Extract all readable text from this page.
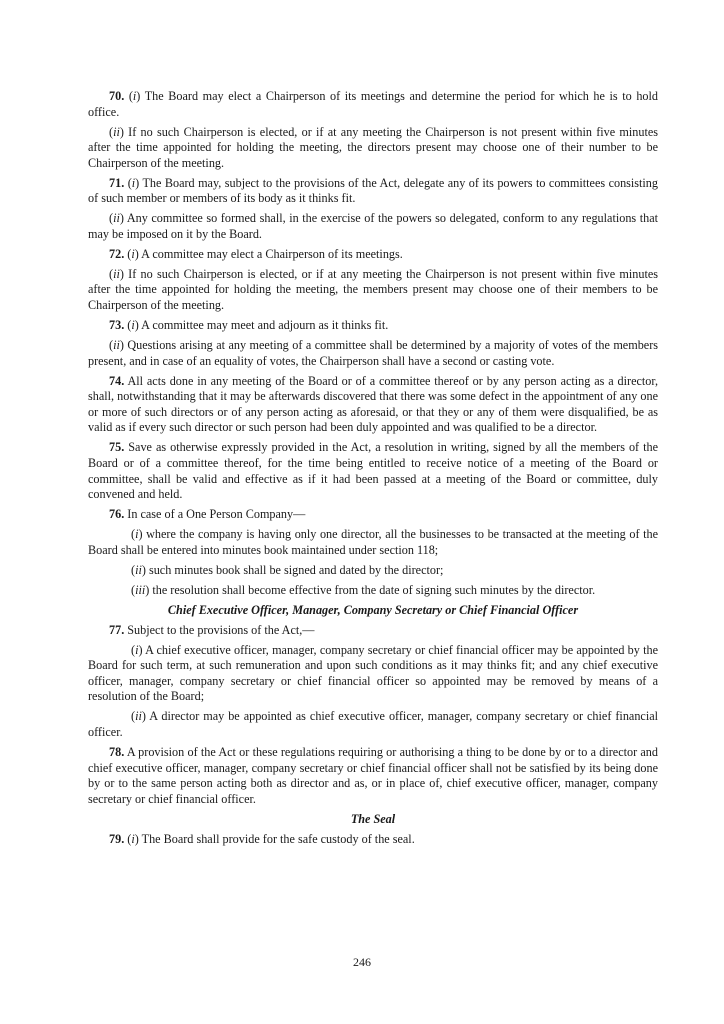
70. (i) The Board may elect a Chairperson of its meetings and determine the period for which he is to hold office.

(ii) If no such Chairperson is elected, or if at any meeting the Chairperson is not present within five minutes after the time appointed for holding the meeting, the directors present may choose one of their number to be Chairperson of the meeting.

71. (i) The Board may, subject to the provisions of the Act, delegate any of its powers to committees consisting of such member or members of its body as it thinks fit.

(ii) Any committee so formed shall, in the exercise of the powers so delegated, conform to any regulations that may be imposed on it by the Board.

72. (i) A committee may elect a Chairperson of its meetings.

(ii) If no such Chairperson is elected, or if at any meeting the Chairperson is not present within five minutes after the time appointed for holding the meeting, the members present may choose one of their members to be Chairperson of the meeting.

73. (i) A committee may meet and adjourn as it thinks fit.

(ii) Questions arising at any meeting of a committee shall be determined by a majority of votes of the members present, and in case of an equality of votes, the Chairperson shall have a second or casting vote.

74. All acts done in any meeting of the Board or of a committee thereof or by any person acting as a director, shall, notwithstanding that it may be afterwards discovered that there was some defect in the appointment of any one or more of such directors or of any person acting as aforesaid, or that they or any of them were disqualified, be as valid as if every such director or such person had been duly appointed and was qualified to be a director.

75. Save as otherwise expressly provided in the Act, a resolution in writing, signed by all the members of the Board or of a committee thereof, for the time being entitled to receive notice of a meeting of the Board or committee, shall be valid and effective as if it had been passed at a meeting of the Board or committee, duly convened and held.

76. In case of a One Person Company—

(i) where the company is having only one director, all the businesses to be transacted at the meeting of the Board shall be entered into minutes book maintained under section 118;

(ii) such minutes book shall be signed and dated by the director;

(iii) the resolution shall become effective from the date of signing such minutes by the director.

Chief Executive Officer, Manager, Company Secretary or Chief Financial Officer

77. Subject to the provisions of the Act,—

(i) A chief executive officer, manager, company secretary or chief financial officer may be appointed by the Board for such term, at such remuneration and upon such conditions as it may thinks fit; and any chief executive officer, manager, company secretary or chief financial officer so appointed may be removed by means of a resolution of the Board;

(ii) A director may be appointed as chief executive officer, manager, company secretary or chief financial officer.

78. A provision of the Act or these regulations requiring or authorising a thing to be done by or to a director and chief executive officer, manager, company secretary or chief financial officer shall not be satisfied by its being done by or to the same person acting both as director and as, or in place of, chief executive officer, manager, company secretary or chief financial officer.

The Seal

79. (i) The Board shall provide for the safe custody of the seal.

246
